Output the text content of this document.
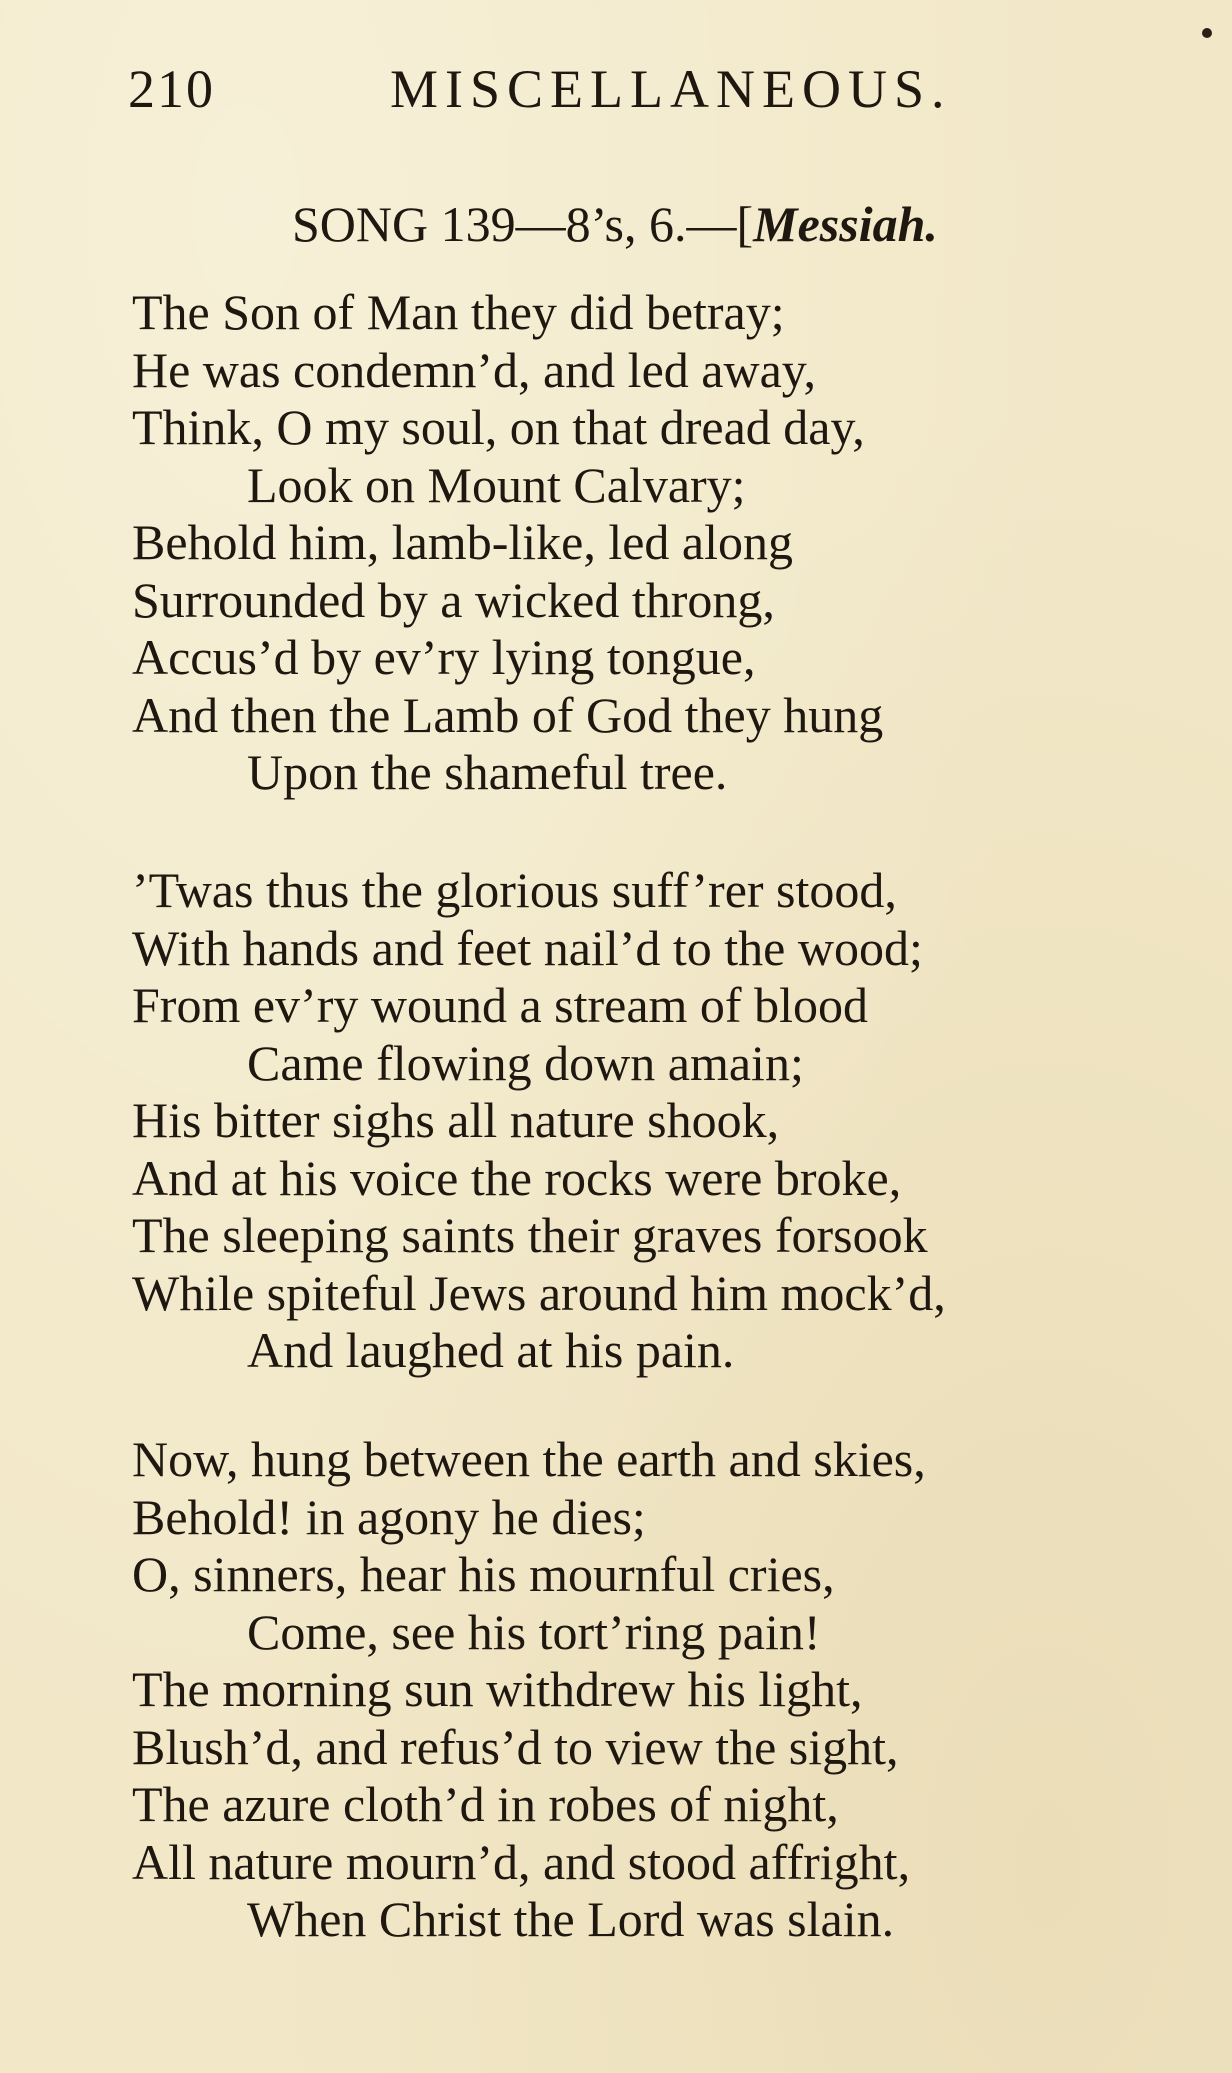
210	MISCELLANEOUS.
SONG 139—8’s, 6.—[Messiah.
The Son of Man they did betray;
He was condemn’d, and led away,
Think, O my soul, on that dread day,
Look on Mount Calvary;
Behold him, lamb-like, led along
Surrounded by a wicked throng,
Accus’d by ev’ry lying tongue,
And then the Lamb of God they hung
Upon the shameful tree.
’Twas thus the glorious suff’rer stood,
With hands and feet nail’d to the wood;
From ev’ry wound a stream of blood
Came flowing down amain;
His bitter sighs all nature shook,
And at his voice the rocks were broke,
The sleeping saints their graves forsook
While spiteful Jews around him mock’d,
And laughed at his pain.
Now, hung between the earth and skies,
Behold! in agony he dies;
O, sinners, hear his mournful cries,
Come, see his tort’ring pain!
The morning sun withdrew his light,
Blush’d, and refus’d to view the sight,
The azure cloth’d in robes of night,
All nature mourn’d, and stood affright,
When Christ the Lord was slain.
